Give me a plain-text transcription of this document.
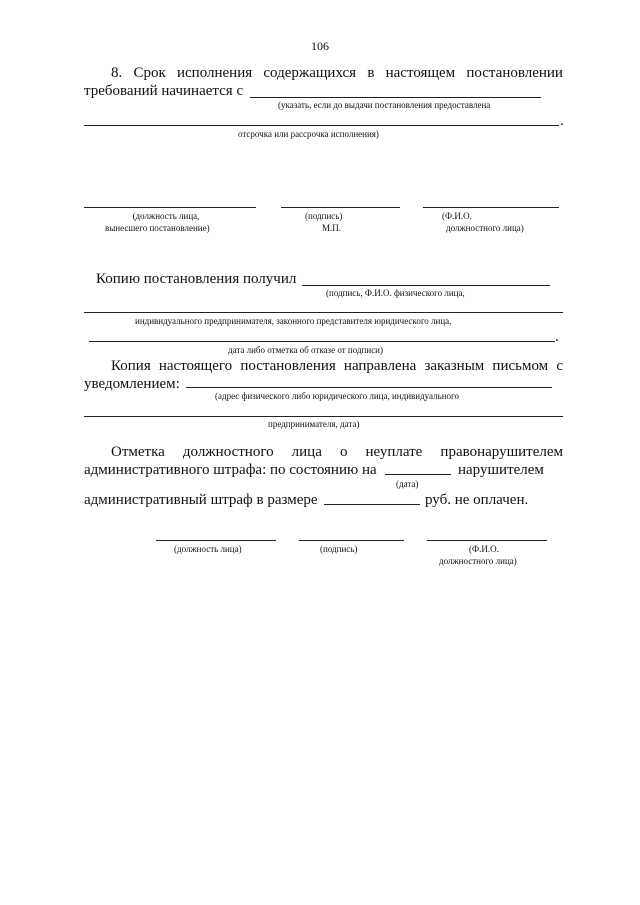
106
8. Срок исполнения содержащихся в настоящем постановлении
требований начинается с
(указать, если до выдачи постановления предоставлена
.
отсрочка или рассрочка исполнения)
(должность лица,
вынесшего постановление)
(подпись)
М.П.
(Ф.И.О.
должностного лица)
Копию постановления получил
(подпись, Ф.И.О. физического лица,
индивидуального предпринимателя, законного представителя юридического лица,
.
дата либо отметка об отказе от подписи)
Копия настоящего постановления направлена заказным письмом с
уведомлением:
(адрес физического либо юридического лица, индивидуального
предпринимателя, дата)
Отметка должностного лица о неуплате правонарушителем
административного штрафа: по состоянию на	нарушителем
(дата)
административный штраф в размере	руб. не оплачен.
(должность лица)	(подпись)	(Ф.И.О.
должностного лица)
